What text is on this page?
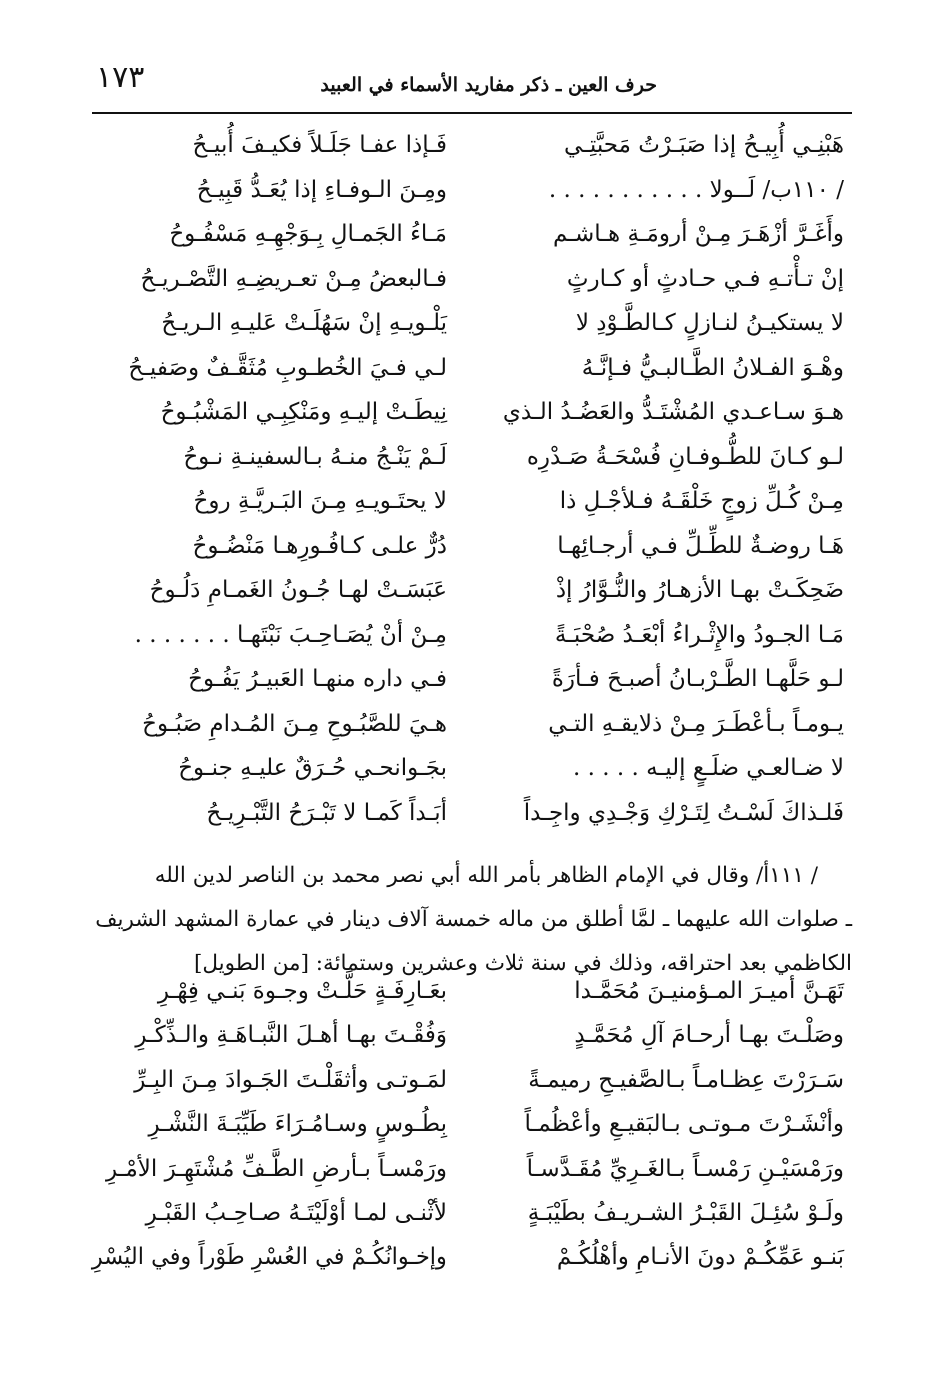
١٧٣	حرف العين ـ ذكر مفاريد الأسماء في العبيد
هَبْنِـي أُبِيـحُ إذا صَبَـرْتُ مَحبَّتِـي
فَـإذا عفـا جَلَـلاً فكيـفَ أُبيـحُ
/ ١١٠ب/ لَــولا . . . . . . . . . . .
ومِـنَ الـوفـاءِ إذا يُعَـدُّ قَبِيـحُ
وأَغَـرَّ أزْهَـرَ مِـنْ أرومَـةِ هـاشـم
مَـاءُ الجَمـالِ بِـوَجْهِـهِ مَسْفُـوحُ
إنْ تـأْتـهِ فـي حـادثٍ أو كـارثٍ
فـالبعضُ مِـنْ تعـريضِـهِ التَّصْـريـحُ
لا يستكيـنُ لنـازلٍ كـالطَّـوْدِ لا
يَلْـويـهِ إنْ سَهُلَـتْ عَليـهِ الـريـحُ
وهْـوَ الفـلانُ الطَّـالبـيُّ فـإنَّـهُ
لـي فـيَ الخُطـوبِ مُثَقَّـفٌ وصَفيـحُ
هـوَ سـاعـدي المُشْتَـدُّ والعَضُـدُ الـذي
نِيطَـتْ إليـهِ ومَنْكِبِـي المَشْبُـوحُ
لـو كـانَ للطُّـوفـانِ فُسْحَـةُ صَـدْرِه
لَـمْ يَنْـجُ منـهُ بـالسفينـةِ نـوحُ
مِـنْ كُـلِّ زوجٍ خَلْقَـهُ فـلأجْـلِ ذا
لا يحتَـويـهِ مِـنَ البَـريَّـةِ روحُ
هَـا روضـةٌ للطِّـلِّ فـي أرجـائِهـا
دُرٌّ علـى كـافُـورِهـا مَنْضُـوحُ
ضَحِكَـتْ بهـا الأزهـارُ والنُّـوَّارُ إذْ
عَبَسَـتْ لهـا جُـونُ الغَمـامِ دَلُـوحُ
مَـا الجـودُ والإِثْـراءُ أبْعَـدُ صُحْبَـةً
مِـنْ أنْ يُصَـاحِـبَ نَبْتَهـا . . . . . . .
لـو حَلَّهـا الطَّـرْبـانُ أصبـحَ فـأرَةً
فـي داره منهـا العَبيـرُ يَفُـوحُ
يـومـاً بـأعْطَـرَ مِـنْ ذلايقـهِ التـي
هـيَ للصَّبُـوحِ مِـنَ المُـدامِ صَبُـوحُ
لا ضـالعـي ضلَـعٍ إليـه . . . . .
بجَـوانحـي حُـرَقٌ عليـهِ جنـوحُ
فَلـذاكَ لَسْـتُ لِتَـرْكِ وَجْـدِي واجِـداً
أبَـداً كَمـا لا تَبْـرَحُ التَّبْـرِيـحُ
/ ١١١أ/ وقال في الإمام الظاهر بأمر الله أبي نصر محمد بن الناصر لدين الله
ـ صلوات الله عليهما ـ لمَّا أطلق من ماله خمسة آلاف دينار في عمارة المشهد الشريف
الكاظمي بعد احتراقه، وذلك في سنة ثلاث وعشرين وستمائة: [من الطويل]
تَهَـنَّ أميـرَ المـؤمنيـنَ مُحَمَّـدا
بعَـارِفَـةٍ حَلَّـتْ وجـوهَ بَنـي فِهْـرِ
وصَلْـتَ بهـا أرحـامَ آلِ مُحَمَّـدٍ
وَفُقْـتَ بهـا أهـلَ النَّبـاهَـةِ والـذِّكْـرِ
سَـرَرْتَ عِظـامـاً بـالصَّفيـحِ رميمـةً
لمَـوتـى وأثقَلْـتَ الجَـوادَ مِـنَ البِـرِّ
وأنْشَـرْتَ مـوتـى بـالبَقيـعِ وأعْظُمـاً
بِطُـوسٍ وسـامُـرَاءَ طَيِّبَـةَ النَّشْـرِ
ورَمْسَيْـنِ رَمْسـاً بـالغَـرِيِّ مُقَـدَّسـاً
ورَمْسـاً بـأرضِ الطَّـفِّ مُشْتَهِـرَ الأمْـرِ
ولَـوْ سُئِـلَ القَبْـرُ الشـريـفُ بطَيْبَـةٍ
لأثْنـى لمـا أوْلَيْتَـهُ صـاحِـبُ القَبْـرِ
بَنـو عَمِّكُـمْ دونَ الأنـامِ وأهْلُكُـمْ
وإخـوانُكُـمْ في العُسْرِ طَوْراً وفي اليُسْرِ
